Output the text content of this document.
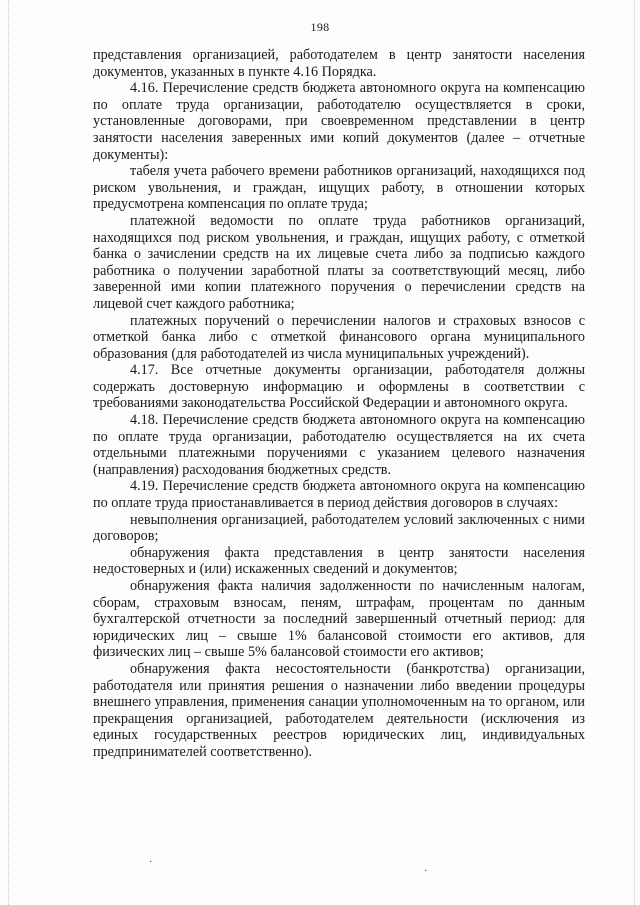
198

представления организацией, работодателем в центр занятости населения документов, указанных в пункте 4.16 Порядка.

4.16. Перечисление средств бюджета автономного округа на компенсацию по оплате труда организации, работодателю осуществляется в сроки, установленные договорами, при своевременном представлении в центр занятости населения заверенных ими копий документов (далее – отчетные документы):

табеля учета рабочего времени работников организаций, находящихся под риском увольнения, и граждан, ищущих работу, в отношении которых предусмотрена компенсация по оплате труда;

платежной ведомости по оплате труда работников организаций, находящихся под риском увольнения, и граждан, ищущих работу, с отметкой банка о зачислении средств на их лицевые счета либо за подписью каждого работника о получении заработной платы за соответствующий месяц, либо заверенной ими копии платежного поручения о перечислении средств на лицевой счет каждого работника;

платежных поручений о перечислении налогов и страховых взносов с отметкой банка либо с отметкой финансового органа муниципального образования (для работодателей из числа муниципальных учреждений).

4.17. Все отчетные документы организации, работодателя должны содержать достоверную информацию и оформлены в соответствии с требованиями законодательства Российской Федерации и автономного округа.

4.18. Перечисление средств бюджета автономного округа на компенсацию по оплате труда организации, работодателю осуществляется на их счета отдельными платежными поручениями с указанием целевого назначения (направления) расходования бюджетных средств.

4.19. Перечисление средств бюджета автономного округа на компенсацию по оплате труда приостанавливается в период действия договоров в случаях:

невыполнения организацией, работодателем условий заключенных с ними договоров;

обнаружения факта представления в центр занятости населения недостоверных и (или) искаженных сведений и документов;

обнаружения факта наличия задолженности по начисленным налогам, сборам, страховым взносам, пеням, штрафам, процентам по данным бухгалтерской отчетности за последний завершенный отчетный период: для юридических лиц – свыше 1% балансовой стоимости его активов, для физических лиц – свыше 5% балансовой стоимости его активов;

обнаружения факта несостоятельности (банкротства) организации, работодателя или принятия решения о назначении либо введении процедуры внешнего управления, применения санации уполномоченным на то органом, или прекращения организацией, работодателем деятельности (исключения из единых государственных реестров юридических лиц, индивидуальных предпринимателей соответственно).

·
·
